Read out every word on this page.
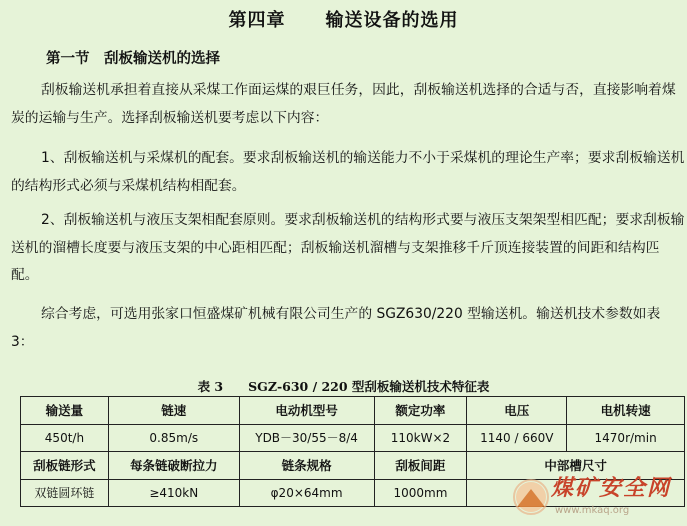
第四章 输送设备的选用
第一节　刮板输送机的选择

刮板输送机承担着直接从采煤工作面运煤的艰巨任务，因此，刮板输送机选择的合适与否，直接影响着煤炭的运输与生产。选择刮板输送机要考虑以下内容：

1、刮板输送机与采煤机的配套。要求刮板输送机的输送能力不小于采煤机的理论生产率；要求刮板输送机的结构形式必须与采煤机结构相配套。

2、刮板输送机与液压支架相配套原则。要求刮板输送机的结构形式要与液压支架架型相匹配；要求刮板输送机的溜槽长度要与液压支架的中心距相匹配；刮板输送机溜槽与支架推移千斤顶连接装置的间距和结构匹配。

综合考虑，可选用张家口恒盛煤矿机械有限公司生产的 SGZ630/220 型输送机。输送机技术参数如表 3：

表 3　　SGZ-630 / 220 型刮板输送机技术特征表
输送量	链速	电动机型号	额定功率	电压	电机转速
450t/h	0.85m/s	YDB－30/55－8/4	110kW×2	1140 / 660V	1470r/min
刮板链形式	每条链破断拉力	链条规格	刮板间距	中部槽尺寸	
双链圆环链	≥410kN	φ20×64mm	1000mm			煤矿安全网
www.mkaq.org
